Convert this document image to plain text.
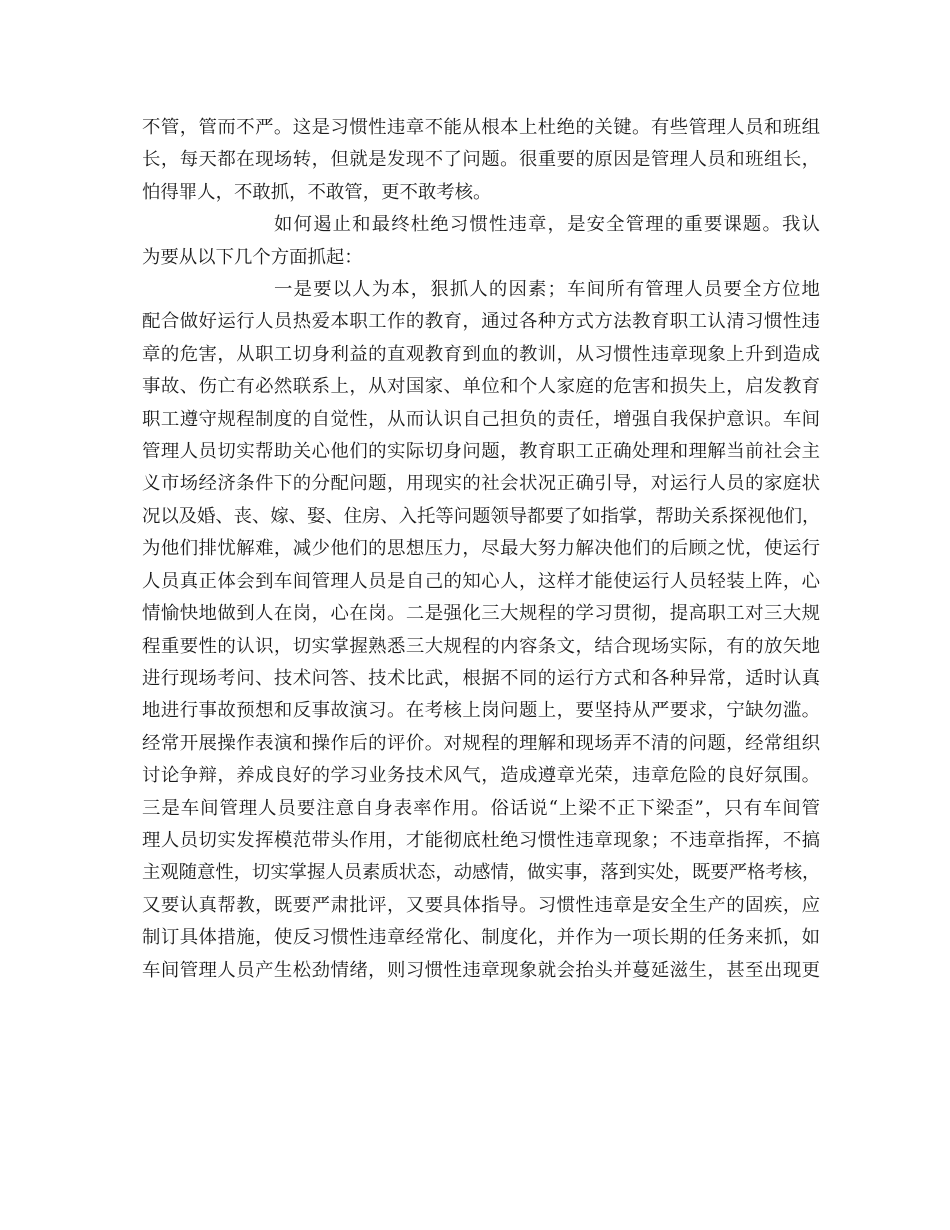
不管，管而不严。这是习惯性违章不能从根本上杜绝的关键。有些管理人员和班组
长，每天都在现场转，但就是发现不了问题。很重要的原因是管理人员和班组长，
怕得罪人，不敢抓，不敢管，更不敢考核。

如何遏止和最终杜绝习惯性违章，是安全管理的重要课题。我认
为要从以下几个方面抓起：

一是要以人为本，狠抓人的因素；车间所有管理人员要全方位地
配合做好运行人员热爱本职工作的教育，通过各种方式方法教育职工认清习惯性违
章的危害，从职工切身利益的直观教育到血的教训，从习惯性违章现象上升到造成
事故、伤亡有必然联系上，从对国家、单位和个人家庭的危害和损失上，启发教育
职工遵守规程制度的自觉性，从而认识自己担负的责任，增强自我保护意识。车间
管理人员切实帮助关心他们的实际切身问题，教育职工正确处理和理解当前社会主
义市场经济条件下的分配问题，用现实的社会状况正确引导，对运行人员的家庭状
况以及婚、丧、嫁、娶、住房、入托等问题领导都要了如指掌，帮助关系探视他们，
为他们排忧解难，减少他们的思想压力，尽最大努力解决他们的后顾之忧，使运行
人员真正体会到车间管理人员是自己的知心人，这样才能使运行人员轻装上阵，心
情愉快地做到人在岗，心在岗。二是强化三大规程的学习贯彻，提高职工对三大规
程重要性的认识，切实掌握熟悉三大规程的内容条文，结合现场实际，有的放矢地
进行现场考问、技术问答、技术比武，根据不同的运行方式和各种异常，适时认真
地进行事故预想和反事故演习。在考核上岗问题上，要坚持从严要求，宁缺勿滥。
经常开展操作表演和操作后的评价。对规程的理解和现场弄不清的问题，经常组织
讨论争辩，养成良好的学习业务技术风气，造成遵章光荣，违章危险的良好氛围。
三是车间管理人员要注意自身表率作用。俗话说“上梁不正下梁歪”，只有车间管
理人员切实发挥模范带头作用，才能彻底杜绝习惯性违章现象；不违章指挥，不搞
主观随意性，切实掌握人员素质状态，动感情，做实事，落到实处，既要严格考核，
又要认真帮教，既要严肃批评，又要具体指导。习惯性违章是安全生产的固疾，应
制订具体措施，使反习惯性违章经常化、制度化，并作为一项长期的任务来抓，如
车间管理人员产生松劲情绪，则习惯性违章现象就会抬头并蔓延滋生，甚至出现更
